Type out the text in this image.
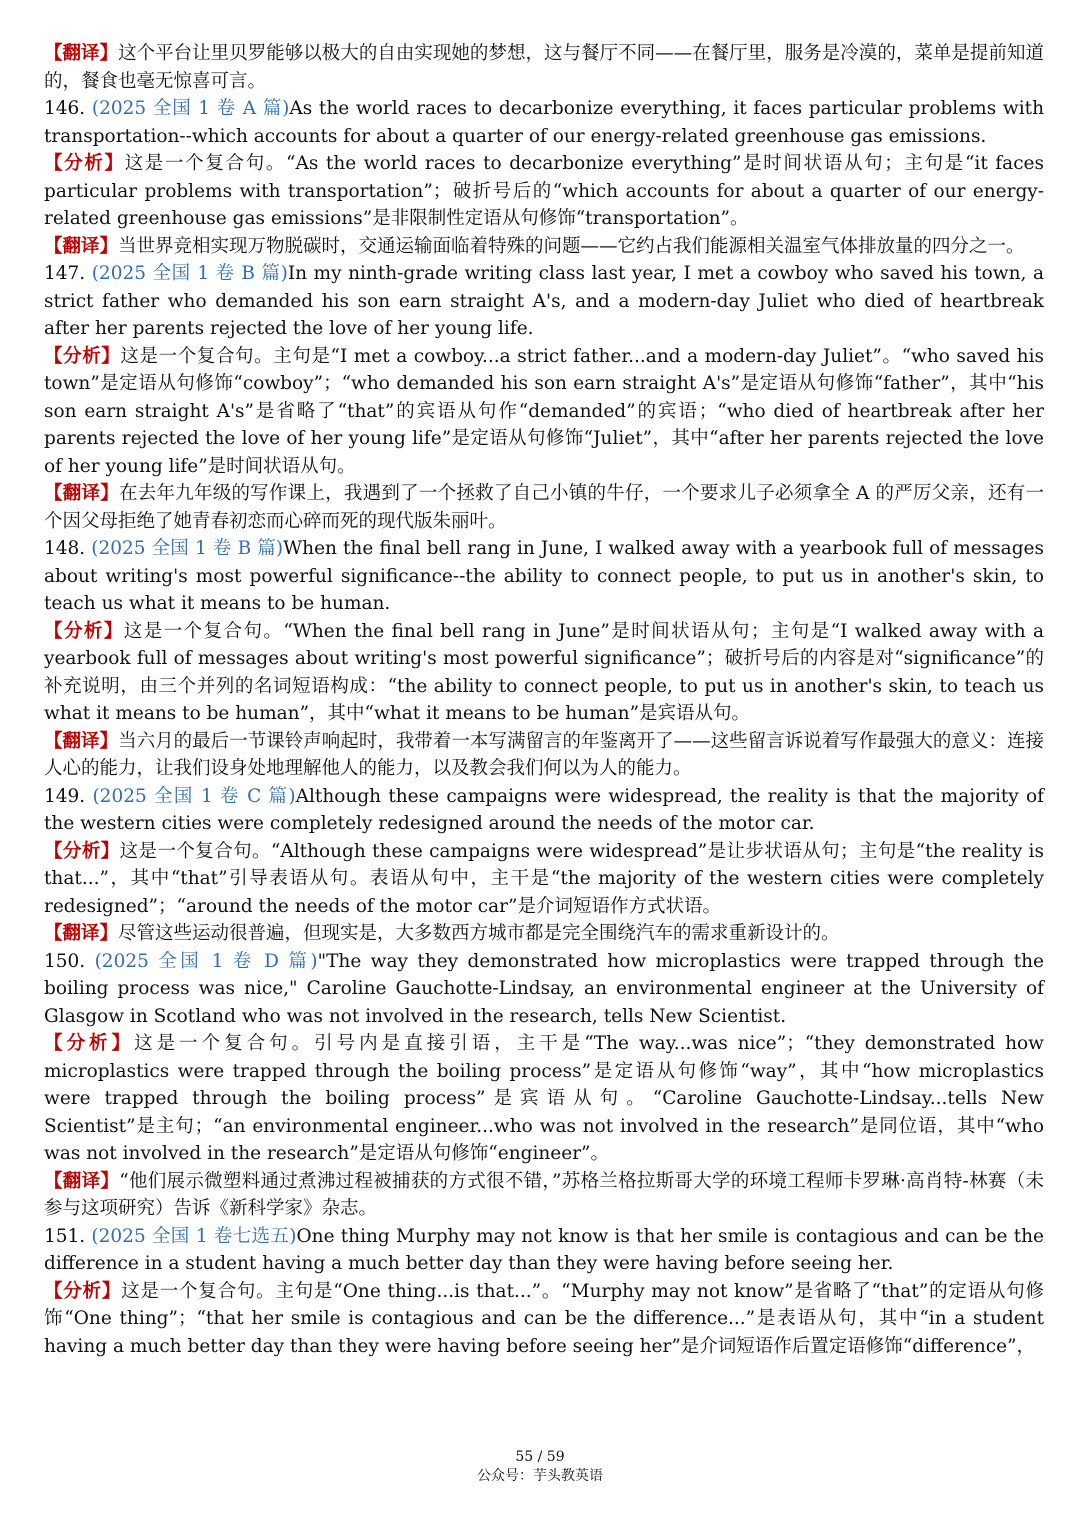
【翻译】这个平台让里贝罗能够以极大的自由实现她的梦想，这与餐厅不同——在餐厅里，服务是冷漠的，菜单是提前知道的，餐食也毫无惊喜可言。

146. (2025 全国 1 卷 A 篇)As the world races to decarbonize everything, it faces particular problems with transportation--which accounts for about a quarter of our energy-related greenhouse gas emissions.

【分析】这是一个复合句。“As the world races to decarbonize everything”是时间状语从句；主句是“it faces particular problems with transportation”；破折号后的“which accounts for about a quarter of our energy-related greenhouse gas emissions”是非限制性定语从句修饰“transportation”。

【翻译】当世界竞相实现万物脱碳时，交通运输面临着特殊的问题——它约占我们能源相关温室气体排放量的四分之一。

147. (2025 全国 1 卷 B 篇)In my ninth-grade writing class last year, I met a cowboy who saved his town, a strict father who demanded his son earn straight A's, and a modern-day Juliet who died of heartbreak after her parents rejected the love of her young life.

【分析】这是一个复合句。主句是“I met a cowboy...a strict father...and a modern-day Juliet”。“who saved his town”是定语从句修饰“cowboy”；“who demanded his son earn straight A's”是定语从句修饰“father”，其中“his son earn straight A's”是省略了“that”的宾语从句作“demanded”的宾语；“who died of heartbreak after her parents rejected the love of her young life”是定语从句修饰“Juliet”，其中“after her parents rejected the love of her young life”是时间状语从句。

【翻译】在去年九年级的写作课上，我遇到了一个拯救了自己小镇的牛仔，一个要求儿子必须拿全 A 的严厉父亲，还有一个因父母拒绝了她青春初恋而心碎而死的现代版朱丽叶。

148. (2025 全国 1 卷 B 篇)When the final bell rang in June, I walked away with a yearbook full of messages about writing's most powerful significance--the ability to connect people, to put us in another's skin, to teach us what it means to be human.

【分析】这是一个复合句。“When the final bell rang in June”是时间状语从句；主句是“I walked away with a yearbook full of messages about writing's most powerful significance”；破折号后的内容是对“significance”的补充说明，由三个并列的名词短语构成：“the ability to connect people, to put us in another's skin, to teach us what it means to be human”，其中“what it means to be human”是宾语从句。

【翻译】当六月的最后一节课铃声响起时，我带着一本写满留言的年鉴离开了——这些留言诉说着写作最强大的意义：连接人心的能力，让我们设身处地理解他人的能力，以及教会我们何以为人的能力。

149. (2025 全国 1 卷 C 篇)Although these campaigns were widespread, the reality is that the majority of the western cities were completely redesigned around the needs of the motor car.

【分析】这是一个复合句。“Although these campaigns were widespread”是让步状语从句；主句是“the reality is that...”，其中“that”引导表语从句。表语从句中，主干是“the majority of the western cities were completely redesigned”；“around the needs of the motor car”是介词短语作方式状语。

【翻译】尽管这些运动很普遍，但现实是，大多数西方城市都是完全围绕汽车的需求重新设计的。

150. (2025 全国 1 卷 D 篇)"The way they demonstrated how microplastics were trapped through the boiling process was nice," Caroline Gauchotte-Lindsay, an environmental engineer at the University of Glasgow in Scotland who was not involved in the research, tells New Scientist.

【分析】这是一个复合句。引号内是直接引语，主干是“The way...was nice”；“they demonstrated how microplastics were trapped through the boiling process”是定语从句修饰“way”，其中“how microplastics were trapped through the boiling process”是宾语从句。“Caroline Gauchotte-Lindsay...tells New Scientist”是主句；“an environmental engineer...who was not involved in the research”是同位语，其中“who was not involved in the research”是定语从句修饰“engineer”。

【翻译】“他们展示微塑料通过煮沸过程被捕获的方式很不错，”苏格兰格拉斯哥大学的环境工程师卡罗琳·高肖特-林赛（未参与这项研究）告诉《新科学家》杂志。

151. (2025 全国 1 卷七选五)One thing Murphy may not know is that her smile is contagious and can be the difference in a student having a much better day than they were having before seeing her.

【分析】这是一个复合句。主句是“One thing...is that...”。“Murphy may not know”是省略了“that”的定语从句修饰“One thing”；“that her smile is contagious and can be the difference...”是表语从句，其中“in a student having a much better day than they were having before seeing her”是介词短语作后置定语修饰“difference”，

55 / 59
公众号：芋头教英语
